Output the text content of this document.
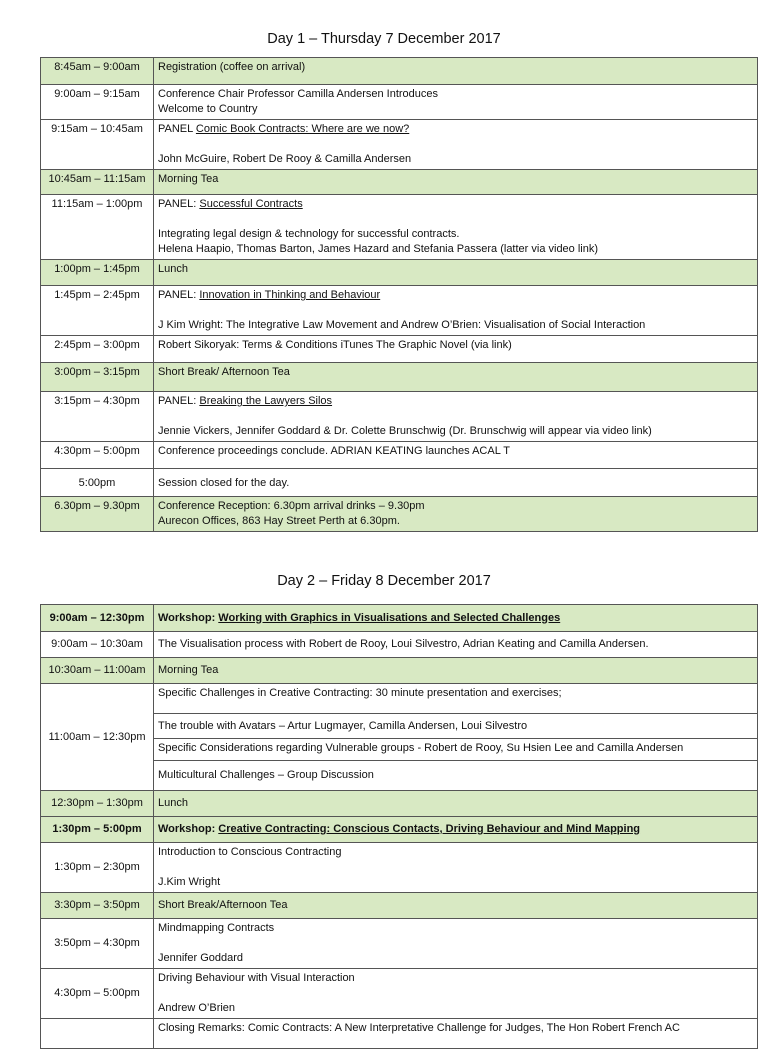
Day 1 – Thursday 7 December 2017
8:45am – 9:00am	Registration (coffee on arrival)

9:00am – 9:15am	Conference Chair Professor Camilla Andersen Introduces
Welcome to Country

9:15am – 10:45am	PANEL Comic Book Contracts: Where are we now?
John McGuire, Robert De Rooy & Camilla Andersen

10:45am – 11:15am	Morning Tea

11:15am – 1:00pm	PANEL: Successful Contracts
Integrating legal design & technology for successful contracts.
Helena Haapio, Thomas Barton, James Hazard and Stefania Passera (latter via video link)

1:00pm – 1:45pm	Lunch

1:45pm – 2:45pm	PANEL: Innovation in Thinking and Behaviour
J Kim Wright: The Integrative Law Movement and Andrew O’Brien: Visualisation of Social Interaction

2:45pm – 3:00pm	Robert Sikoryak: Terms & Conditions iTunes The Graphic Novel (via link)

3:00pm – 3:15pm	Short Break/ Afternoon Tea

3:15pm – 4:30pm	PANEL: Breaking the Lawyers Silos
Jennie Vickers, Jennifer Goddard & Dr. Colette Brunschwig (Dr. Brunschwig will appear via video link)

4:30pm – 5:00pm	Conference proceedings conclude. ADRIAN KEATING launches ACAL T

5:00pm	Session closed for the day.

6.30pm – 9.30pm	Conference Reception: 6.30pm arrival drinks – 9.30pm
Aurecon Offices, 863 Hay Street Perth at 6.30pm.
Day 2 – Friday 8 December 2017
9:00am – 12:30pm	Workshop: Working with Graphics in Visualisations and Selected Challenges

9:00am – 10:30am	The Visualisation process with Robert de Rooy, Loui Silvestro, Adrian Keating and Camilla Andersen.

10:30am – 11:00am	Morning Tea

11:00am – 12:30pm	Specific Challenges in Creative Contracting: 30 minute presentation and exercises;

	The trouble with Avatars – Artur Lugmayer, Camilla Andersen, Loui Silvestro

	Specific Considerations regarding Vulnerable groups - Robert de Rooy, Su Hsien Lee and Camilla Andersen

	Multicultural Challenges – Group Discussion

12:30pm – 1:30pm	Lunch

1:30pm – 5:00pm	Workshop: Creative Contracting: Conscious Contacts, Driving Behaviour and Mind Mapping

1:30pm – 2:30pm	Introduction to Conscious Contracting
J.Kim Wright

3:30pm – 3:50pm	Short Break/Afternoon Tea

3:50pm – 4:30pm	Mindmapping Contracts
Jennifer Goddard

4:30pm – 5:00pm	Driving Behaviour with Visual Interaction
Andrew O’Brien

	Closing Remarks: Comic Contracts: A New Interpretative Challenge for Judges, The Hon Robert French AC
